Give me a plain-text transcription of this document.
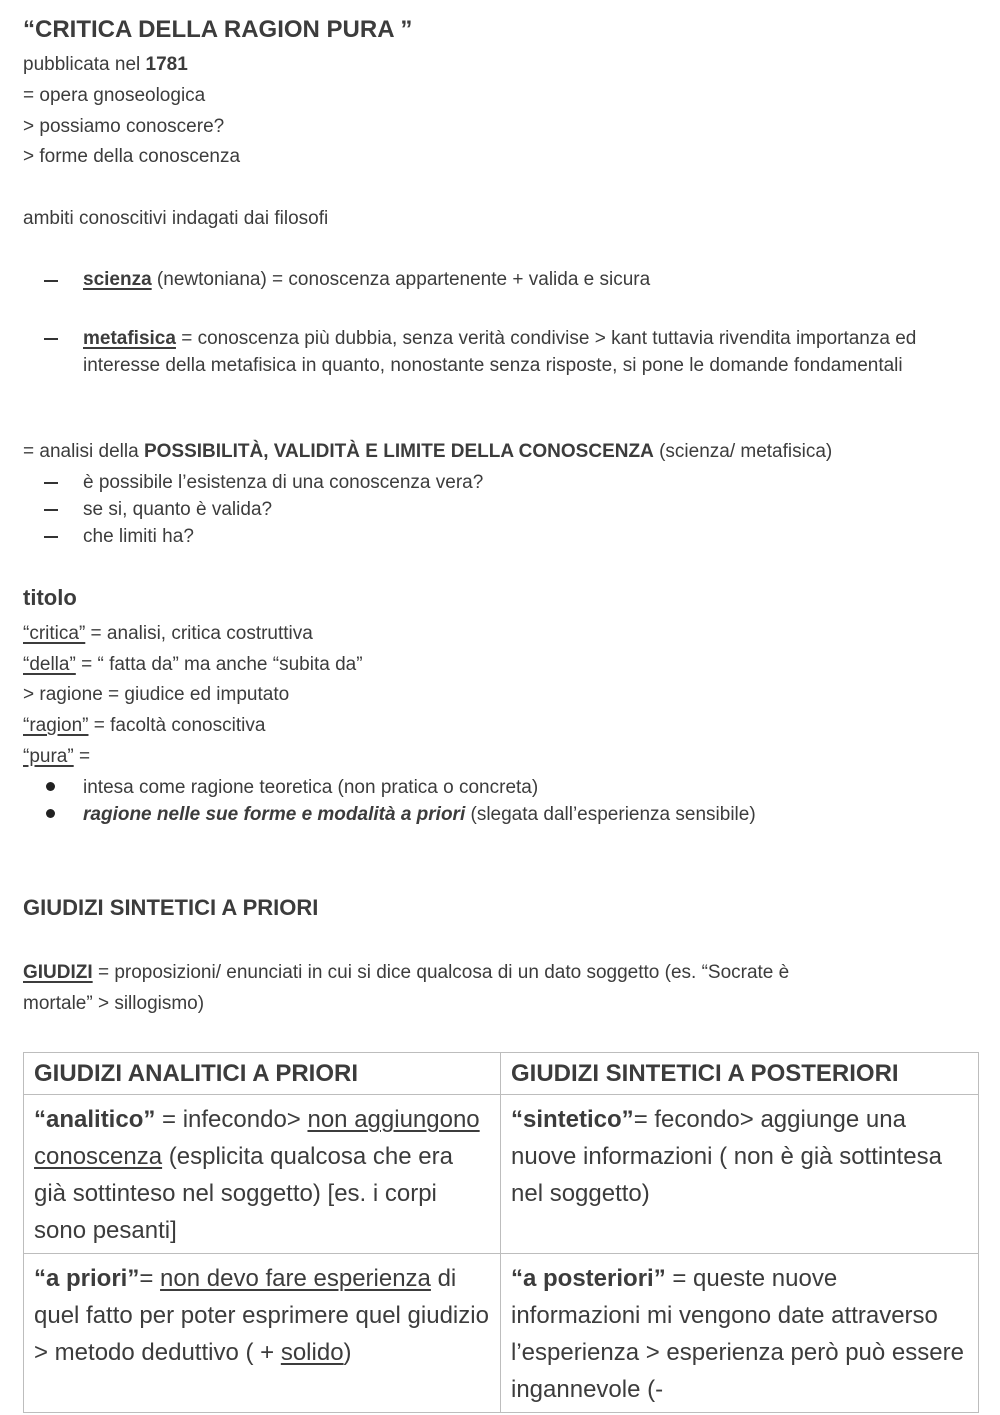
“CRITICA DELLA RAGION PURA ”
pubblicata nel 1781
= opera gnoseologica
> possiamo conoscere?
> forme della conoscenza
ambiti conoscitivi indagati dai filosofi
scienza (newtoniana) = conoscenza appartenente + valida e sicura
metafisica = conoscenza più dubbia, senza verità condivise > kant tuttavia rivendita importanza ed interesse della metafisica in quanto, nonostante senza risposte, si pone le domande fondamentali
= analisi della POSSIBILITÀ, VALIDITÀ E LIMITE DELLA CONOSCENZA (scienza/ metafisica)
è possibile l’esistenza di una conoscenza vera?
se si, quanto è valida?
che limiti ha?
titolo
“critica” = analisi, critica costruttiva
“della” = “ fatta da” ma anche “subita da”
> ragione = giudice ed imputato
“ragion” = facoltà conoscitiva
“pura” =
intesa come ragione teoretica (non pratica o concreta)
ragione nelle sue forme e modalità a priori (slegata dall’esperienza sensibile)
GIUDIZI SINTETICI A PRIORI
GIUDIZI = proposizioni/ enunciati in cui si dice qualcosa di un dato soggetto (es. “Socrate è
mortale” > sillogismo)
GIUDIZI ANALITICI A PRIORI	GIUDIZI SINTETICI A POSTERIORI
“analitico” = infecondo> non aggiungono conoscenza (esplicita qualcosa che era già sottinteso nel soggetto) [es. i corpi sono pesanti]	“sintetico”= fecondo> aggiunge una nuove informazioni ( non è già sottintesa nel soggetto)
“a priori”= non devo fare esperienza di quel fatto per poter esprimere quel giudizio > metodo deduttivo ( + solido)	“a posteriori” = queste nuove informazioni mi vengono date attraverso l’esperienza > esperienza però può essere ingannevole (-
